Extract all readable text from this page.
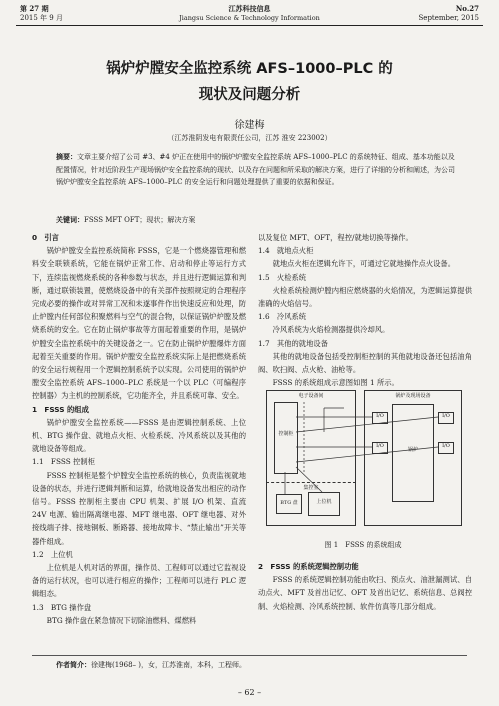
第 27 期
2015 年 9 月
江苏科技信息
Jiangsu Science & Technology Information
No.27
September, 2015
锅炉炉膛安全监控系统 AFS–1000–PLC 的
现状及问题分析
徐建梅
（江苏淮阴发电有限责任公司，江苏 淮安 223002）
摘要：文章主要介绍了公司 #3、#4 炉正在使用中的锅炉炉膛安全监控系统 AFS–1000–PLC 的系统特征、组成、基本功能以及配置情况，针对近阶段生产现场锅炉安全监控系统的现状、以及存在问题和所采取的解决方案，进行了详细的分析和阐述，为公司锅炉炉膛安全监控系统 AFS–1000–PLC 的安全运行和问题处理提供了重要的依据和保证。
关键词：FSSS MFT OFT；现状；解决方案

0　引言

锅炉炉膛安全监控系统简称 FSSS，它是一个燃烧器管理和燃料安全联锁系统，它能在锅炉正常工作、启动和停止等运行方式下，连续监视燃烧系统的各种参数与状态，并且进行逻辑运算和判断，通过联锁装置，使燃烧设备中的有关部件按照规定的合理程序完成必要的操作或对异常工况和未遂事件作出快速反应和处理，防止炉膛内任何部位积聚燃料与空气的混合物，以保证锅炉炉膛及燃烧系统的安全。它在防止锅炉事故等方面起着重要的作用，是锅炉炉膛安全监控系统中的关键设备之一。它在防止锅炉炉膛爆炸方面起着至关重要的作用。锅炉炉膛安全监控系统实际上是把燃烧系统的安全运行规程用一个逻辑控制系统予以实现。公司使用的锅炉炉膛安全监控系统 AFS–1000–PLC 系统是一个以 PLC（可编程序控制器）为主机的控制系统，它功能齐全，并且系统可靠、安全。

1　FSSS 的组成

锅炉炉膛安全监控系统——FSSS 是由逻辑控制系统、上位机、BTG 操作盘、就地点火柜、火检系统、冷风系统以及其他的就地设备等组成。

1.1　FSSS 控制柜

FSSS 控制柜是整个炉膛安全监控系统的核心，负责监视就地设备的状态，并进行逻辑判断和运算，给就地设备发出相应的动作信号。FSSS 控制柜主要由 CPU 机架、扩展 I/O 机架、直流 24V 电源、输出隔离继电器、MFT 继电器、OFT 继电器、对外接线端子排、接地铜板、断路器、接地故障卡、“禁止输出”开关等器件组成。

1.2　上位机

上位机是人机对话的界面，操作员、工程师可以通过它监视设备的运行状况，也可以进行相应的操作；工程师可以进行 PLC 逻辑组态。

1.3　BTG 操作盘

BTG 操作盘在紧急情况下切除油燃料、煤燃料

以及复位 MFT、OFT，程控/就地切换等操作。

1.4　就地点火柜

就地点火柜在逻辑允许下，可通过它就地操作点火设备。

1.5　火检系统

火检系统检测炉膛内相应燃烧器的火焰情况，为逻辑运算提供准确的火焰信号。

1.6　冷风系统

冷风系统为火焰检测器提供冷却风。

1.7　其他的就地设备

其他的就地设备包括受控制柜控制的其他就地设备还包括油角阀、吹扫阀、点火枪、油枪等。

FSSS 的系统组成示意图如图 1 所示。

电子设备间
控制柜
集控室
上位机
BTG 盘
锅炉及现场设备
锅炉
I/O
I/O
I/O
I/O
图 1　FSSS 的系统组成

2　FSSS 的系统逻辑控制功能

FSSS 的系统逻辑控制功能由吹扫、预点火、油泄漏测试、自动点火、MFT 及首出记忆、OFT 及首出记忆、系统信息、总阀控制、火焰检测、冷风系统控制、软件仿真等几部分组成。

作者简介：徐建梅(1968– )，女，江苏淮南，本科，工程师。
– 62 –
